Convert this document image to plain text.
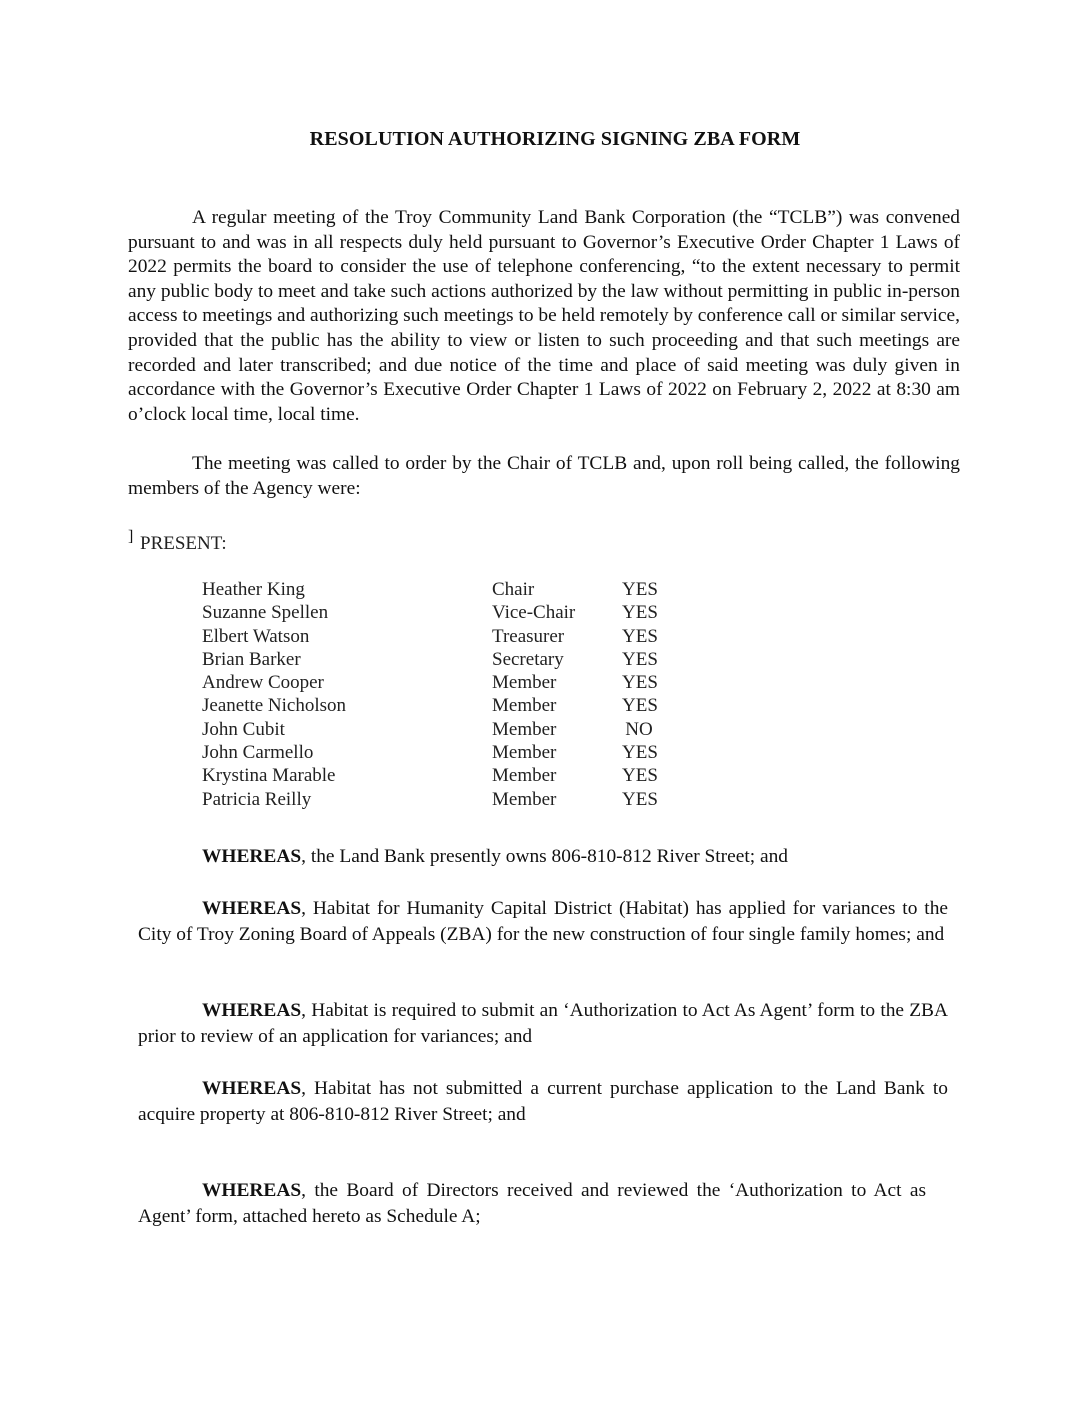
RESOLUTION AUTHORIZING SIGNING ZBA FORM

A regular meeting of the Troy Community Land Bank Corporation (the “TCLB”) was convened pursuant to and was in all respects duly held pursuant to Governor’s Executive Order Chapter 1 Laws of 2022 permits the board to consider the use of telephone conferencing, “to the extent necessary to permit any public body to meet and take such actions authorized by the law without permitting in public in-person access to meetings and authorizing such meetings to be held remotely by conference call or similar service, provided that the public has the ability to view or listen to such proceeding and that such meetings are recorded and later transcribed; and due notice of the time and place of said meeting was duly given in accordance with the Governor’s Executive Order Chapter 1 Laws of 2022 on February 2, 2022 at 8:30 am o’clock local time, local time.

The meeting was called to order by the Chair of TCLB and, upon roll being called, the following members of the Agency were:

] PRESENT:
Heather King	Chair	YES
Suzanne Spellen	Vice-Chair YES
Elbert Watson	Treasurer	YES
Brian Barker	Secretary	YES
Andrew Cooper	Member	YES
Jeanette Nicholson	Member	YES
John Cubit	Member	NO
John Carmello	Member	YES
Krystina Marable	Member	YES
Patricia Reilly	Member	YES

WHEREAS, the Land Bank presently owns 806-810-812 River Street; and

WHEREAS, Habitat for Humanity Capital District (Habitat) has applied for variances to the City of Troy Zoning Board of Appeals (ZBA) for the new construction of four single family homes; and

WHEREAS, Habitat is required to submit an ‘Authorization to Act As Agent’ form to the ZBA prior to review of an application for variances; and

WHEREAS, Habitat has not submitted a current purchase application to the Land Bank to acquire property at 806-810-812 River Street; and

WHEREAS, the Board of Directors received and reviewed the ‘Authorization to Act as Agent’ form, attached hereto as Schedule A;
